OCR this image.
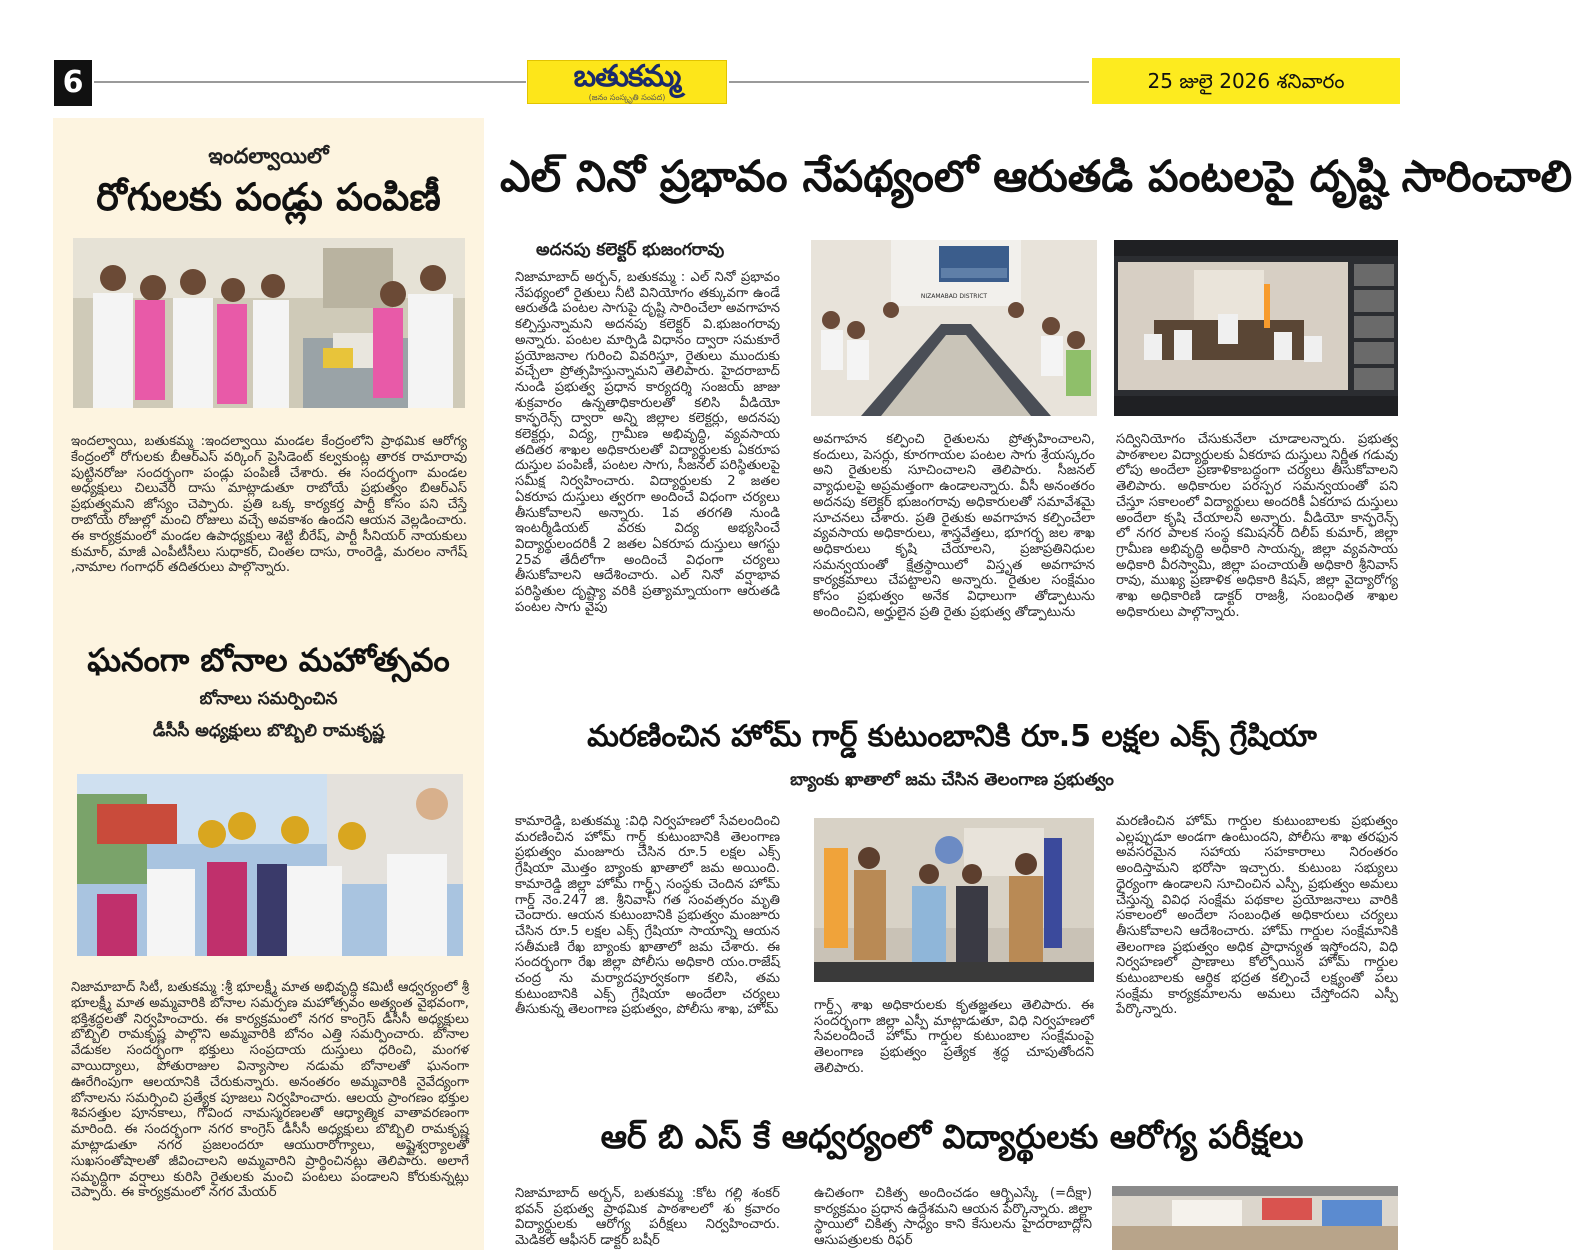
6	బతుకమ్మ
(జనం సంస్కృతి సంపద)
25 జులై 2026 శనివారం
ఇందల్వాయిలో
రోగులకు పండ్లు పంపిణీ
ఇందల్వాయి, బతుకమ్మ :ఇందల్వాయి మండల కేంద్రంలోని ప్రాథమిక ఆరోగ్య కేంద్రంలో రోగులకు బీఆర్ఎస్ వర్కింగ్ ప్రెసిడెంట్ కల్వకుంట్ల తారక రామారావు పుట్టినరోజు సందర్భంగా పండ్లు పంపిణీ చేశారు. ఈ సందర్భంగా మండల అధ్యక్షులు చిలువేరి దాసు మాట్లాడుతూ రాబోయే ప్రభుత్వం బిఆర్ఎస్ ప్రభుత్వమని జోస్యం చెప్పారు. ప్రతి ఒక్క కార్యకర్త పార్టీ కోసం పని చేస్తే రాబోయే రోజుల్లో మంచి రోజులు వచ్చే అవకాశం ఉందని ఆయన వెల్లడించారు. ఈ కార్యక్రమంలో మండల ఉపాధ్యక్షులు శెట్టి బీరేష్, పార్టీ సీనియర్ నాయకులు కుమార్, మాజీ ఎంపీటీసీలు సుధాకర్, చింతల దాసు, రాంరెడ్డి, మరలం నాగేష్ ,నామాల గంగాధర్ తదితరులు పాల్గొన్నారు.
ఘనంగా బోనాల మహోత్సవం
బోనాలు సమర్పించిన
డీసీసీ అధ్యక్షులు బొబ్బిలి రామకృష్ణ
నిజామాబాద్ సిటీ, బతుకమ్మ :శ్రీ భూలక్ష్మీ మాత అభివృద్ధి కమిటీ ఆధ్వర్యంలో శ్రీ భూలక్ష్మీ మాత అమ్మవారికి బోనాల సమర్పణ మహోత్సవం అత్యంత వైభవంగా, భక్తిశ్రద్ధలతో నిర్వహించారు. ఈ కార్యక్రమంలో నగర కాంగ్రెస్ డీసీసీ అధ్యక్షులు బొబ్బిలి రామకృష్ణ పాల్గొని అమ్మవారికి బోనం ఎత్తి సమర్పించారు. బోనాల వేడుకల సందర్భంగా భక్తులు సంప్రదాయ దుస్తులు ధరించి, మంగళ వాయిద్యాలు, పోతురాజుల విన్యాసాల నడుమ బోనాలతో ఘనంగా ఊరేగింపుగా ఆలయానికి చేరుకున్నారు. అనంతరం అమ్మవారికి నైవేద్యంగా బోనాలను సమర్పించి ప్రత్యేక పూజలు నిర్వహించారు. ఆలయ ప్రాంగణం భక్తుల శివసత్తుల పూనకాలు, గోవింద నామస్మరణలతో ఆధ్యాత్మిక వాతావరణంగా మారింది. ఈ సందర్భంగా నగర కాంగ్రెస్ డీసీసీ అధ్యక్షులు బొబ్బిలి రామకృష్ణ మాట్లాడుతూ నగర ప్రజలందరూ ఆయురారోగ్యాలు, అష్టైశ్వర్యాలతో సుఖసంతోషాలతో జీవించాలని అమ్మవారిని ప్రార్థించినట్లు తెలిపారు. అలాగే సమృద్ధిగా వర్షాలు కురిసి రైతులకు మంచి పంటలు పండాలని కోరుకున్నట్లు చెప్పారు. ఈ కార్యక్రమంలో నగర మేయర్
ఎల్ నినో ప్రభావం నేపథ్యంలో ఆరుతడి పంటలపై దృష్టి సారించాలి
అదనపు కలెక్టర్ భుజంగరావు
నిజామాబాద్ అర్బన్, బతుకమ్మ : ఎల్ నినో ప్రభావం నేపథ్యంలో రైతులు నీటి వినియోగం తక్కువగా ఉండే ఆరుతడి పంటల సాగుపై దృష్టి సారించేలా అవగాహన కల్పిస్తున్నామని అదనపు కలెక్టర్ వి.భుజంగరావు అన్నారు. పంటల మార్పిడి విధానం ద్వారా సమకూరే ప్రయోజనాల గురించి వివరిస్తూ, రైతులు ముందుకు వచ్చేలా ప్రోత్సహిస్తున్నామని తెలిపారు. హైదరాబాద్ నుండి ప్రభుత్వ ప్రధాన కార్యదర్శి సంజయ్ జాజు శుక్రవారం ఉన్నతాధికారులతో కలిసి వీడియో కాన్ఫరెన్స్ ద్వారా అన్ని జిల్లాల కలెక్టర్లు, అదనపు కలెక్టర్లు, విద్య, గ్రామీణ అభివృద్ధి, వ్యవసాయ తదితర శాఖల అధికారులతో విద్యార్థులకు ఏకరూప దుస్తుల పంపిణీ, పంటల సాగు, సీజనల్ పరిస్థితులపై సమీక్ష నిర్వహించారు. విద్యార్థులకు 2 జతల ఏకరూప దుస్తులు త్వరగా అందించే విధంగా చర్యలు తీసుకోవాలని అన్నారు. 1వ తరగతి నుండి ఇంటర్మీడియట్ వరకు విద్య అభ్యసించే విద్యార్థులందరికీ 2 జతల ఏకరూప దుస్తులు ఆగస్టు 25వ తేదీలోగా అందించే విధంగా చర్యలు తీసుకోవాలని ఆదేశించారు. ఎల్ నినో వర్షాభావ పరిస్థితుల దృష్ట్యా వరికి ప్రత్యామ్నాయంగా ఆరుతడి పంటల సాగు వైపు
NIZAMABAD DISTRICT
అవగాహన కల్పించి రైతులను ప్రోత్సహించాలని, కందులు, పెసర్లు, కూరగాయల పంటల సాగు శ్రేయస్కరం అని రైతులకు సూచించాలని తెలిపారు. సీజనల్ వ్యాధులపై అప్రమత్తంగా ఉండాలన్నారు. వీసీ అనంతరం అదనపు కలెక్టర్ భుజంగరావు అధికారులతో సమావేశమై సూచనలు చేశారు. ప్రతి రైతుకు అవగాహన కల్పించేలా వ్యవసాయ అధికారులు, శాస్త్రవేత్తలు, భూగర్భ జల శాఖ అధికారులు కృషి చేయాలని, ప్రజాప్రతినిధుల సమన్వయంతో క్షేత్రస్థాయిలో విస్తృత అవగాహన కార్యక్రమాలు చేపట్టాలని అన్నారు. రైతుల సంక్షేమం కోసం ప్రభుత్వం అనేక విధాలుగా తోడ్పాటును అందించిని, అర్హులైన ప్రతి రైతు ప్రభుత్వ తోడ్పాటును
సద్వినియోగం చేసుకునేలా చూడాలన్నారు. ప్రభుత్వ పాఠశాలల విద్యార్థులకు ఏకరూప దుస్తులు నిర్ణీత గడువు లోపు అందేలా ప్రణాళికాబద్ధంగా చర్యలు తీసుకోవాలని తెలిపారు. అధికారుల పరస్పర సమన్వయంతో పని చేస్తూ సకాలంలో విద్యార్థులు అందరికీ ఏకరూప దుస్తులు అందేలా కృషి చేయాలని అన్నారు. వీడియో కాన్ఫరెన్స్ లో నగర పాలక సంస్థ కమిషనర్ దిలీప్ కుమార్, జిల్లా గ్రామీణ అభివృద్ధి అధికారి సాయన్న, జిల్లా వ్యవసాయ అధికారి వీరస్వామి, జిల్లా పంచాయతీ అధికారి శ్రీనివాస్ రావు, ముఖ్య ప్రణాళిక అధికారి కిషన్, జిల్లా వైద్యారోగ్య శాఖ అధికారిణి డాక్టర్ రాజశ్రీ, సంబంధిత శాఖల అధికారులు పాల్గొన్నారు.
మరణించిన హోమ్ గార్డ్ కుటుంబానికి రూ.5 లక్షల ఎక్స్ గ్రేషియా
బ్యాంకు ఖాతాలో జమ చేసిన తెలంగాణ ప్రభుత్వం
కామారెడ్డి, బతుకమ్మ :విధి నిర్వహణలో సేవలందించి మరణించిన హోమ్ గార్డ్ కుటుంబానికి తెలంగాణ ప్రభుత్వం మంజూరు చేసిన రూ.5 లక్షల ఎక్స్ గ్రేషియా మొత్తం బ్యాంకు ఖాతాలో జమ అయింది. కామారెడ్డి జిల్లా హోమ్ గార్డ్స్ సంస్థకు చెందిన హోమ్ గార్డ్ నెం.247 జి. శ్రీనివాస్ గత సంవత్సరం మృతి చెందారు. ఆయన కుటుంబానికి ప్రభుత్వం మంజూరు చేసిన రూ.5 లక్షల ఎక్స్ గ్రేషియా సాయాన్ని ఆయన సతీమణి రేఖ బ్యాంకు ఖాతాలో జమ చేశారు. ఈ సందర్భంగా రేఖ జిల్లా పోలీసు అధికారి యం.రాజేష్ చంద్ర ను మర్యాదపూర్వకంగా కలిసి, తమ కుటుంబానికి ఎక్స్ గ్రేషియా అందేలా చర్యలు తీసుకున్న తెలంగాణ ప్రభుత్వం, పోలీసు శాఖ, హోమ్	గార్డ్స్ శాఖ అధికారులకు కృతజ్ఞతలు తెలిపారు. ఈ సందర్భంగా జిల్లా ఎస్పీ మాట్లాడుతూ, విధి నిర్వహణలో సేవలందించే హోమ్ గార్డుల కుటుంబాల సంక్షేమంపై తెలంగాణ ప్రభుత్వం ప్రత్యేక శ్రద్ధ చూపుతోందని తెలిపారు.
మరణించిన హోమ్ గార్డుల కుటుంబాలకు ప్రభుత్వం ఎల్లప్పుడూ అండగా ఉంటుందని, పోలీసు శాఖ తరఫున అవసరమైన సహాయ సహకారాలు నిరంతరం అందిస్తామని భరోసా ఇచ్చారు. కుటుంబ సభ్యులు ధైర్యంగా ఉండాలని సూచించిన ఎస్పీ, ప్రభుత్వం అమలు చేస్తున్న వివిధ సంక్షేమ పథకాల ప్రయోజనాలు వారికి సకాలంలో అందేలా సంబంధిత అధికారులు చర్యలు తీసుకోవాలని ఆదేశించారు. హోమ్ గార్డుల సంక్షేమానికి తెలంగాణ ప్రభుత్వం అధిక ప్రాధాన్యత ఇస్తోందని, విధి నిర్వహణలో ప్రాణాలు కోల్పోయిన హోమ్ గార్డుల కుటుంబాలకు ఆర్థిక భద్రత కల్పించే లక్ష్యంతో పలు సంక్షేమ కార్యక్రమాలను అమలు చేస్తోందని ఎస్పీ పేర్కొన్నారు.
ఆర్ బి ఎస్ కే ఆధ్వర్యంలో విద్యార్థులకు ఆరోగ్య పరీక్షలు
నిజామాబాద్ అర్బన్, బతుకమ్మ :కోట గల్లి శంకర్ భవన్ ప్రభుత్వ ప్రాథమిక పాఠశాలలో శు క్రవారం విద్యార్థులకు ఆరోగ్య పరీక్షలు నిర్వహించారు. మెడికల్ ఆఫీసర్ డాక్టర్ బషీర్
ఉచితంగా చికిత్స అందించడం ఆర్బిఎస్కే (=దీక్షా) కార్యక్రమం ప్రధాన ఉద్దేశమని ఆయన పేర్కొన్నారు. జిల్లా స్థాయిలో చికిత్స సాధ్యం కాని కేసులను హైదరాబాద్లోని ఆసుపత్రులకు రిఫర్
